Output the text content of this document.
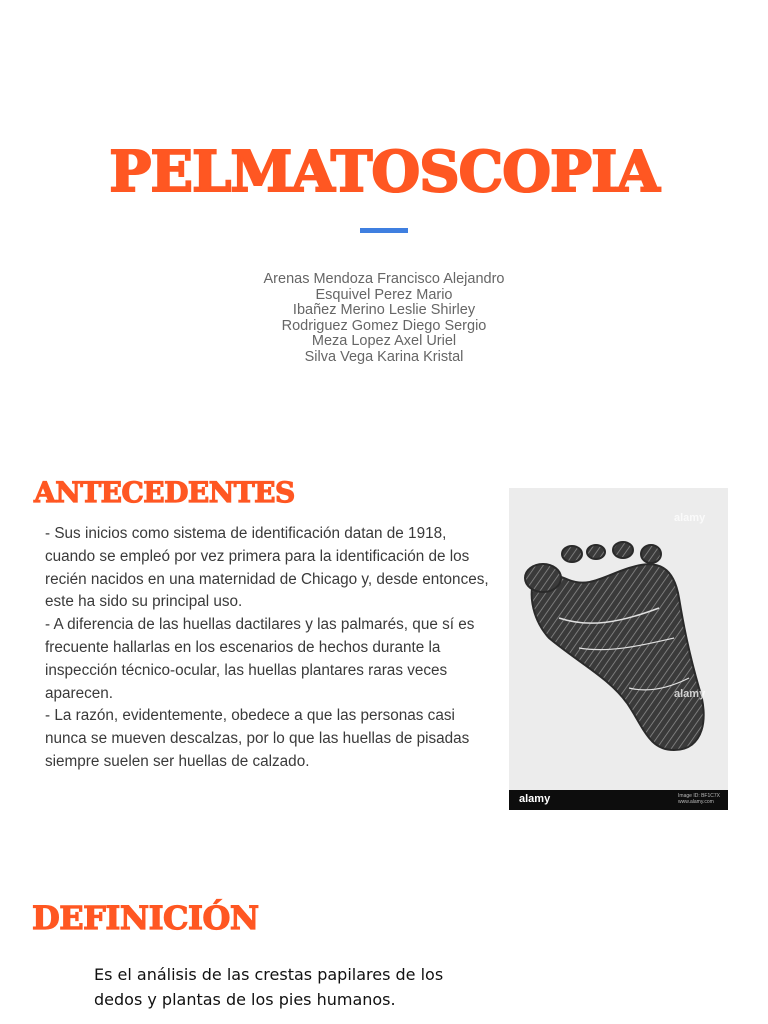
PELMATOSCOPIA
Arenas Mendoza Francisco Alejandro
Esquivel Perez Mario
Ibañez Merino Leslie Shirley
Rodriguez Gomez Diego Sergio
Meza Lopez Axel Uriel
Silva Vega Karina Kristal
ANTECEDENTES

- Sus inicios como sistema de identificación datan de 1918, cuando se empleó por vez primera para la identificación de los recién nacidos en una maternidad de Chicago y, desde entonces, este ha sido su principal uso.

- A diferencia de las huellas dactilares y las palmarés, que sí es frecuente hallarlas en los escenarios de hechos durante la inspección técnico-ocular, las huellas plantares raras veces aparecen.

- La razón, evidentemente, obedece a que las personas casi nunca se mueven descalzas, por lo que las huellas de pisadas siempre suelen ser huellas de calzado.

alamy
alamy
alamy	Image ID: BF1C7X
www.alamy.com
DEFINICIÓN
Es el análisis de las crestas papilares de los dedos y plantas de los pies humanos.
